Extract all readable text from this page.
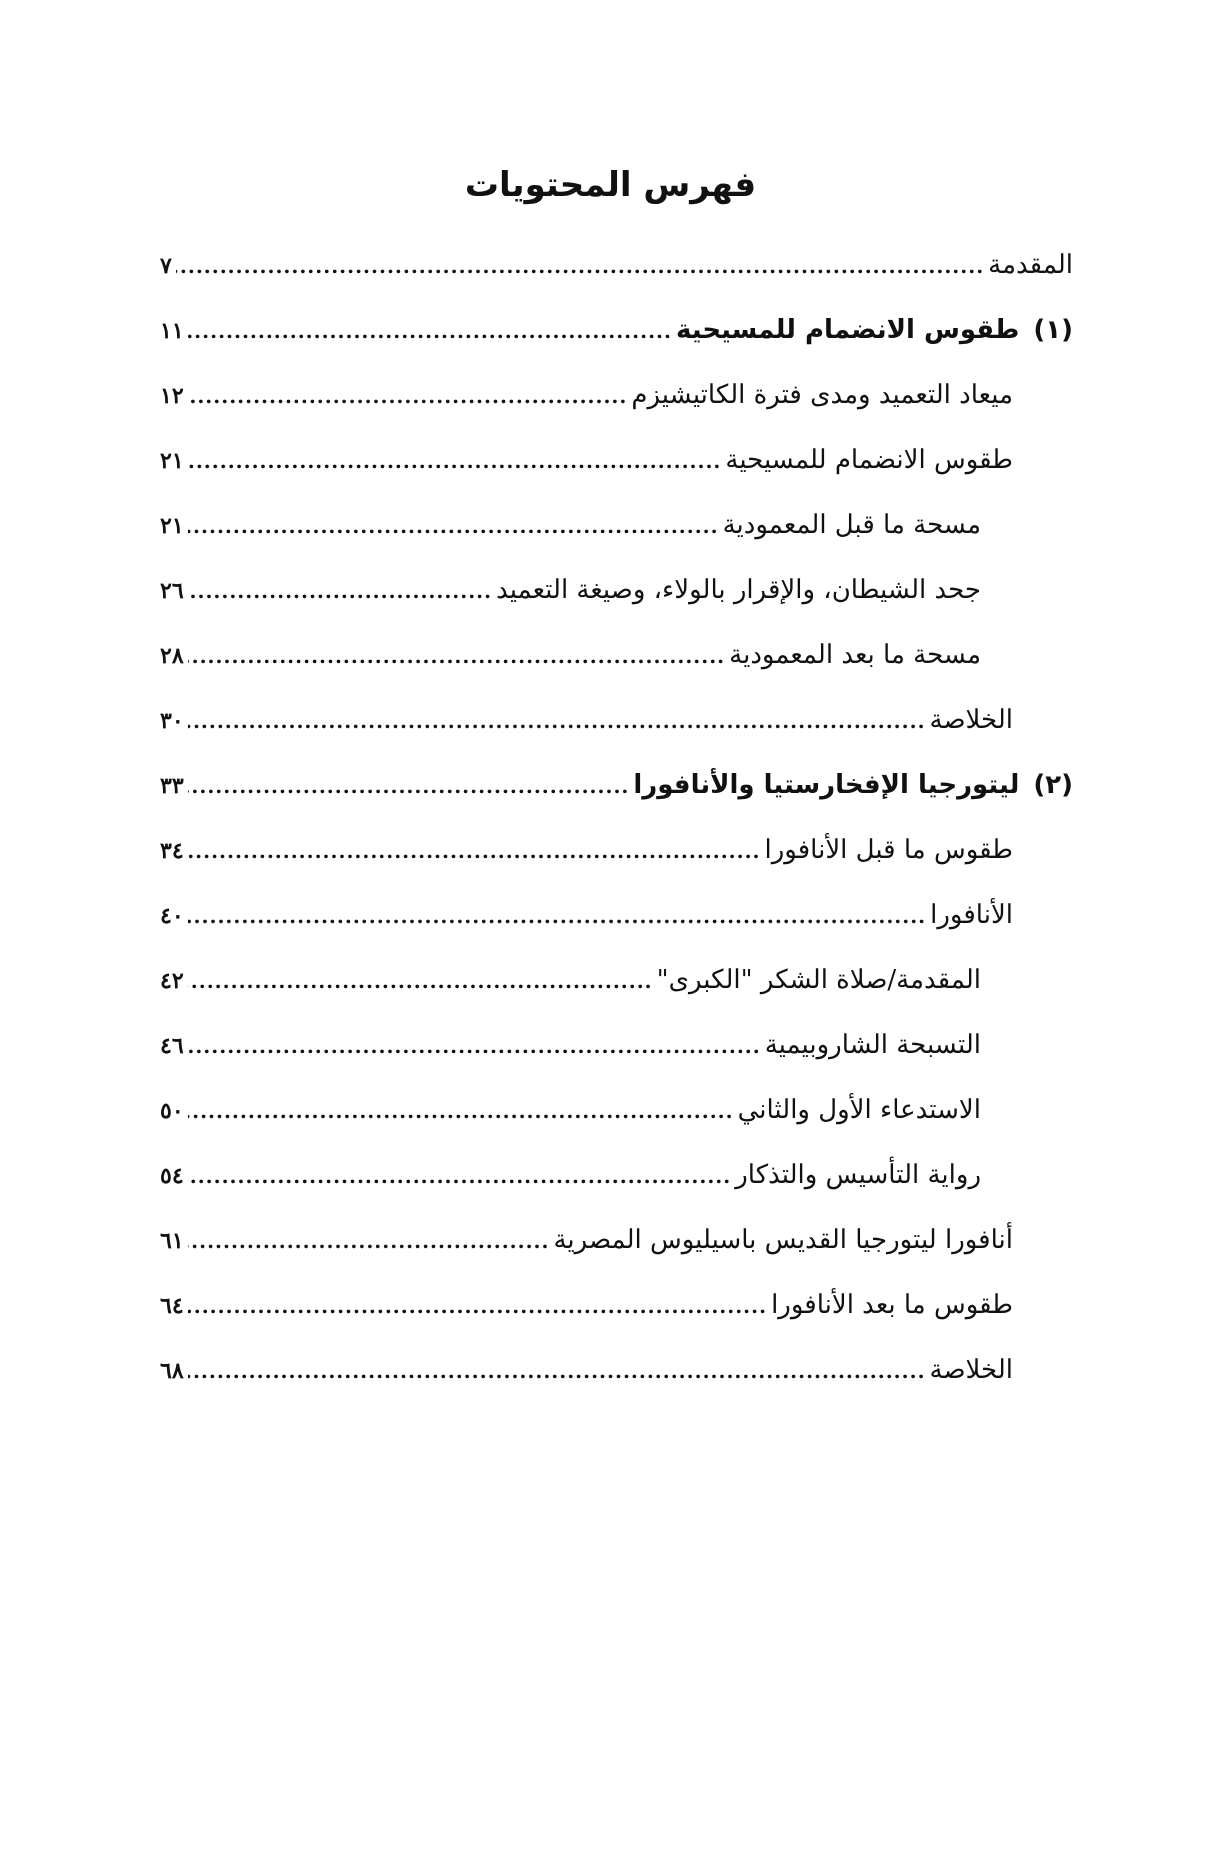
فهرس المحتويات
المقدمة
.....
٧
(١)
طقوس الانضمام للمسيحية
.....
١١
ميعاد التعميد ومدى فترة الكاتيشيزم
.....
١٢
طقوس الانضمام للمسيحية
.....
٢١
مسحة ما قبل المعمودية
.....
٢١
جحد الشيطان، والإقرار بالولاء، وصيغة التعميد
.....
٢٦
مسحة ما بعد المعمودية
.....
٢٨
الخلاصة
.....
٣٠
(٢)
ليتورجيا الإفخارستيا والأنافورا
.....
٣٣
طقوس ما قبل الأنافورا
.....
٣٤
الأنافورا
.....
٤٠
المقدمة/صلاة الشكر "الكبرى"
.....
٤٢
التسبحة الشاروبيمية
.....
٤٦
الاستدعاء الأول والثاني
.....
٥٠
رواية التأسيس والتذكار
.....
٥٤
أنافورا ليتورجيا القديس باسيليوس المصرية
.....
٦١
طقوس ما بعد الأنافورا
.....
٦٤
الخلاصة
.....
٦٨
